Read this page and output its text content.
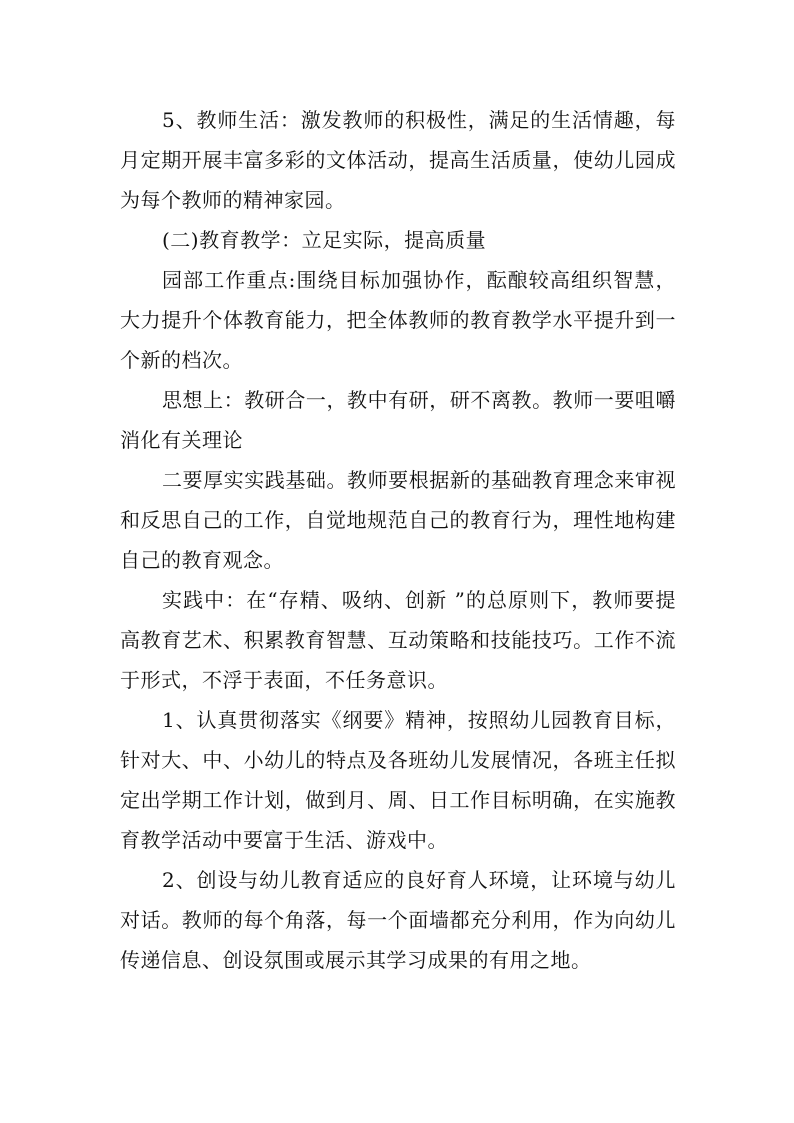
5、教师生活：激发教师的积极性，满足的生活情趣，每月定期开展丰富多彩的文体活动，提高生活质量，使幼儿园成为每个教师的精神家园。

(二)教育教学：立足实际，提高质量

园部工作重点:围绕目标加强协作，酝酿较高组织智慧，大力提升个体教育能力，把全体教师的教育教学水平提升到一个新的档次。

思想上：教研合一，教中有研，研不离教。教师一要咀嚼消化有关理论

二要厚实实践基础。教师要根据新的基础教育理念来审视和反思自己的工作，自觉地规范自己的教育行为，理性地构建自己的教育观念。

实践中：在“存精、吸纳、创新 ”的总原则下，教师要提高教育艺术、积累教育智慧、互动策略和技能技巧。工作不流于形式，不浮于表面，不任务意识。

1、认真贯彻落实《纲要》精神，按照幼儿园教育目标，针对大、中、小幼儿的特点及各班幼儿发展情况，各班主任拟定出学期工作计划，做到月、周、日工作目标明确，在实施教育教学活动中要富于生活、游戏中。

2、创设与幼儿教育适应的良好育人环境，让环境与幼儿对话。教师的每个角落，每一个面墙都充分利用，作为向幼儿传递信息、创设氛围或展示其学习成果的有用之地。
